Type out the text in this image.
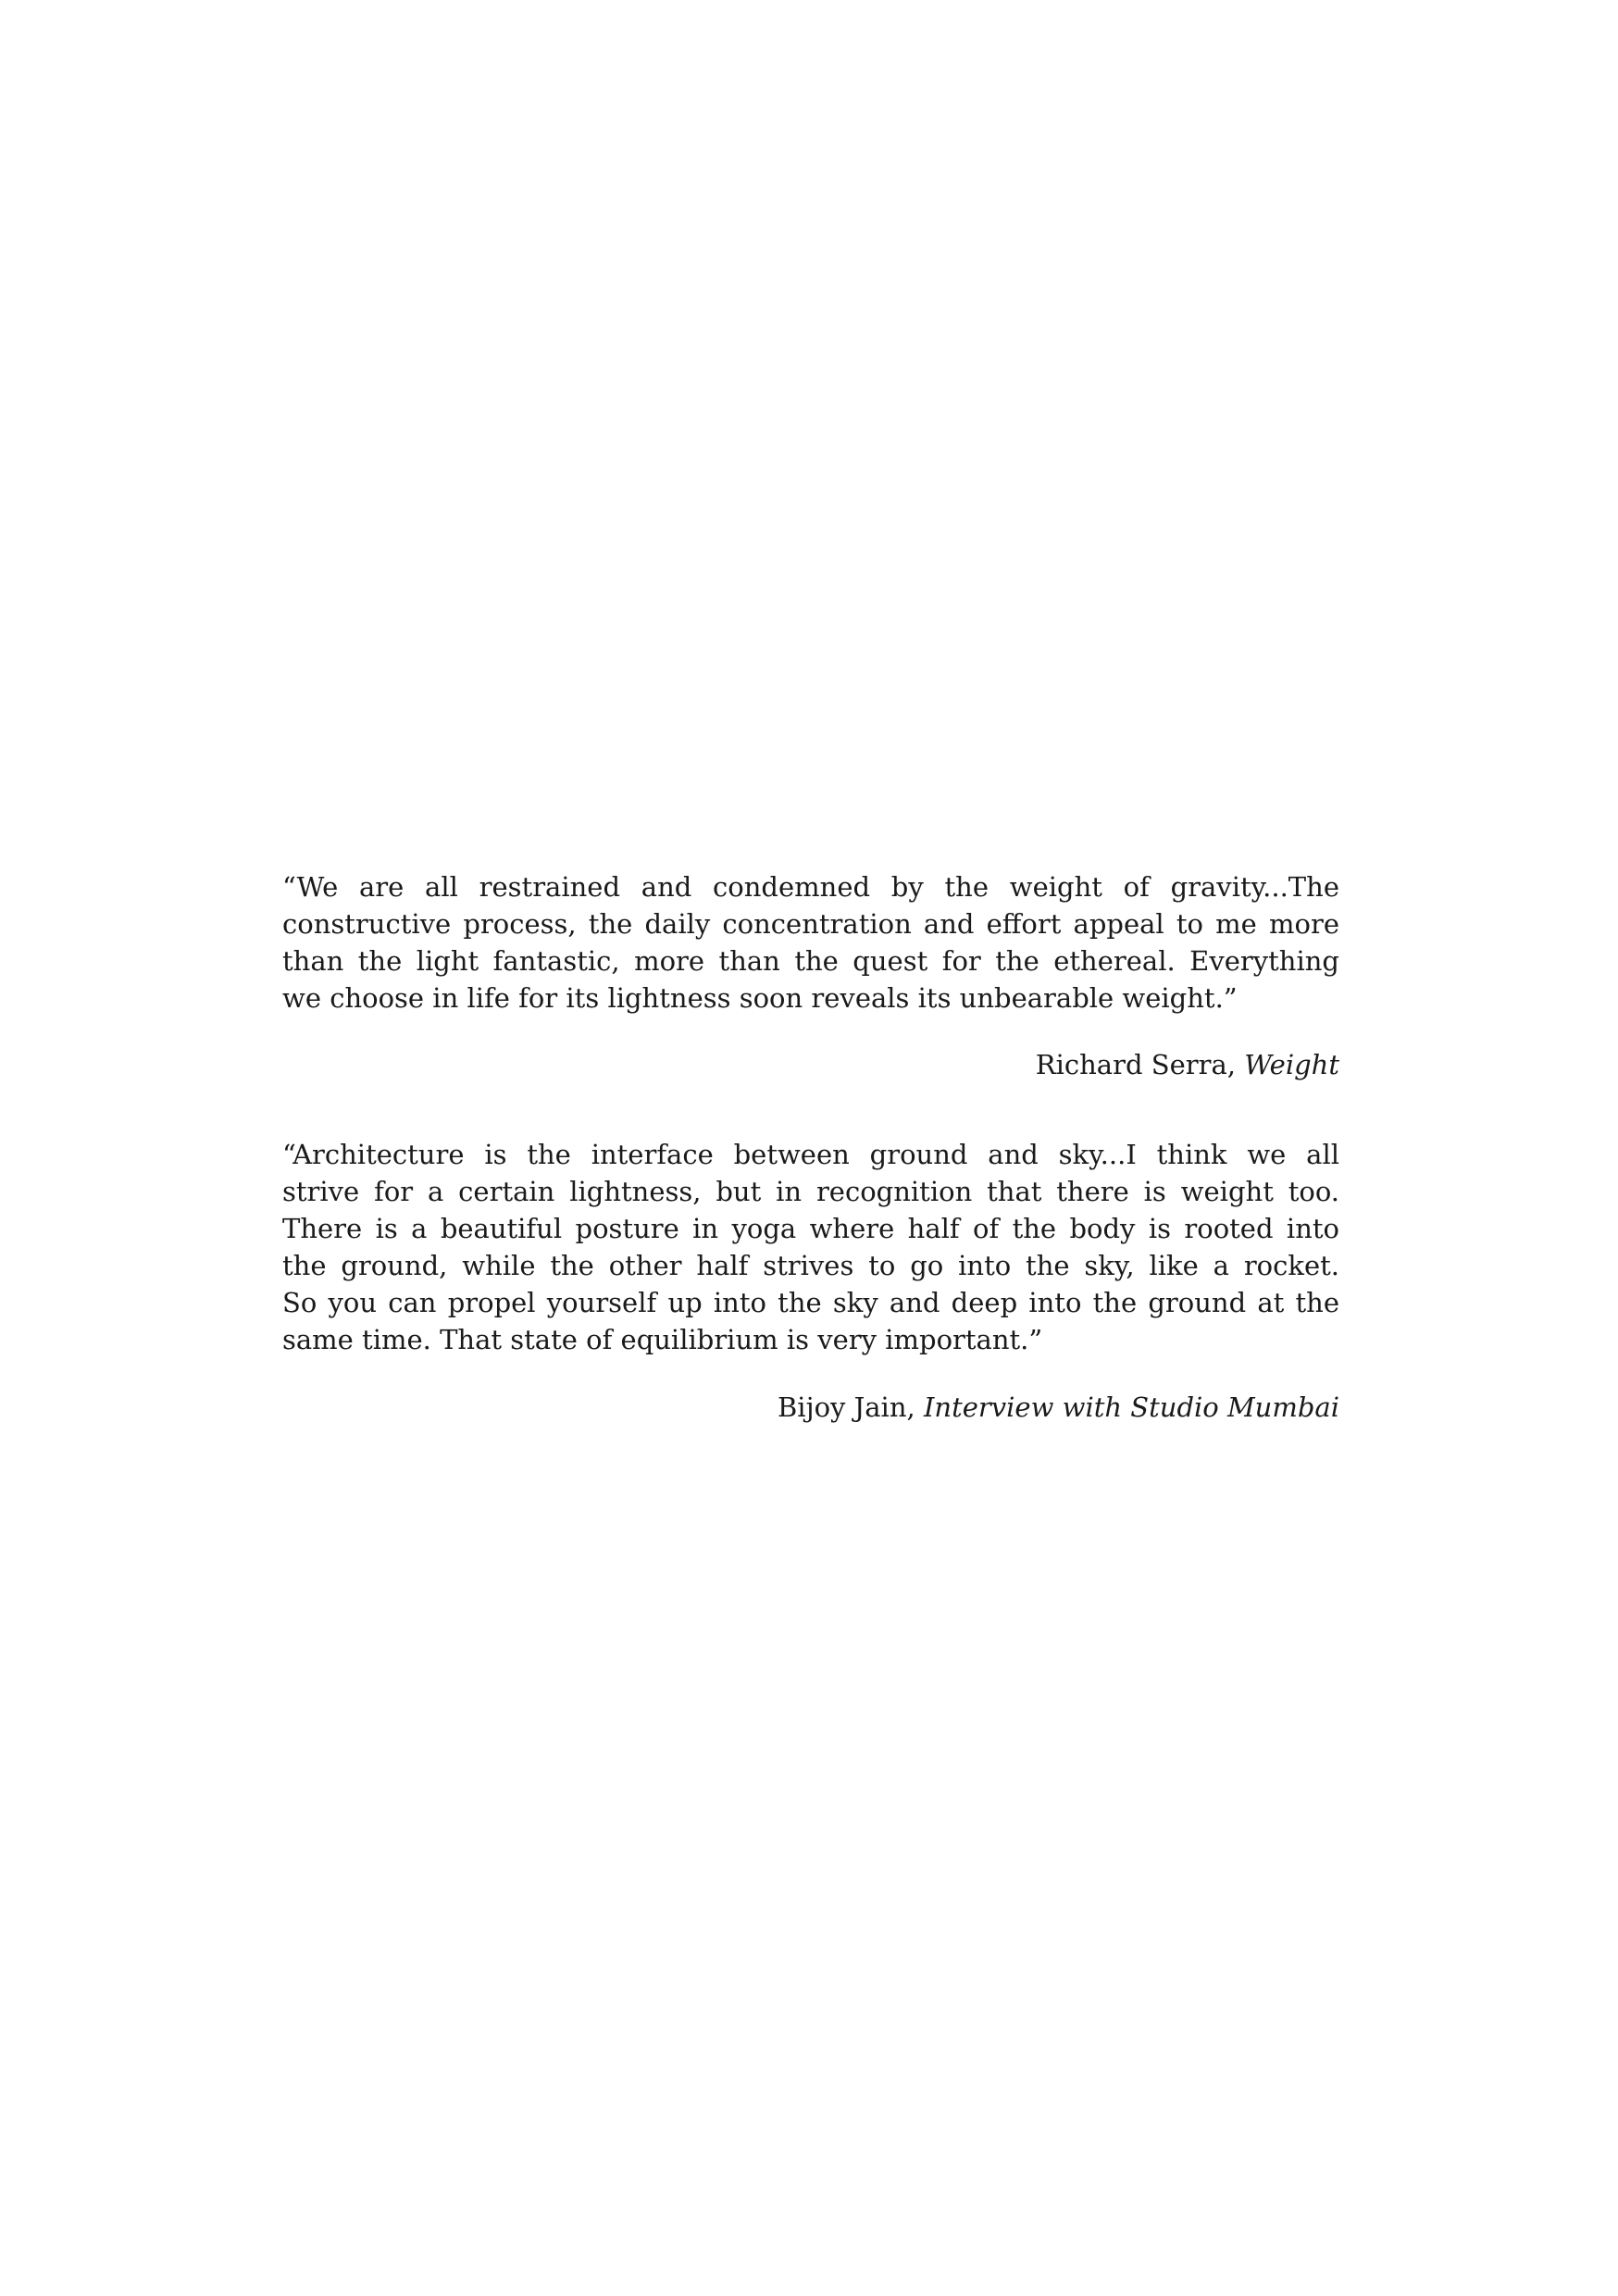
“We are all restrained and condemned by the weight of gravity...The
constructive process, the daily concentration and effort appeal to me more
than the light fantastic, more than the quest for the ethereal. Everything
we choose in life for its lightness soon reveals its unbearable weight.”
Richard Serra, Weight
“Architecture is the interface between ground and sky...I think we all
strive for a certain lightness, but in recognition that there is weight too.
There is a beautiful posture in yoga where half of the body is rooted into
the ground, while the other half strives to go into the sky, like a rocket.
So you can propel yourself up into the sky and deep into the ground at the
same time. That state of equilibrium is very important.”
Bijoy Jain, Interview with Studio Mumbai
